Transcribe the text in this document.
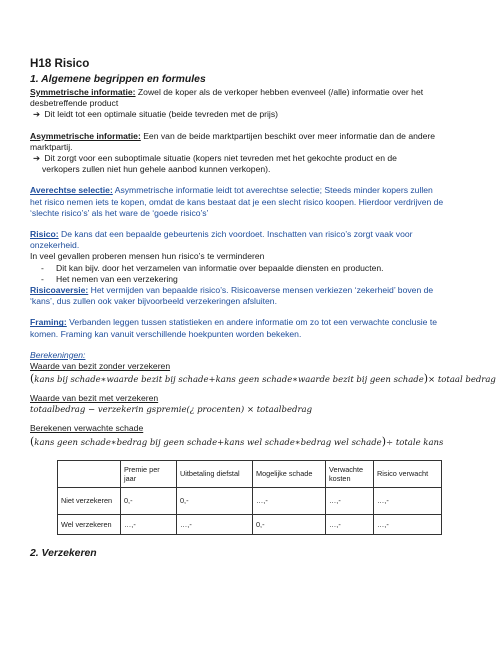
H18 Risico
1. Algemene begrippen en formules

Symmetrische informatie: Zowel de koper als de verkoper hebben evenveel (/alle) informatie over het desbetreffende product

➔ Dit leidt tot een optimale situatie (beide tevreden met de prijs)

Asymmetrische informatie: Een van de beide marktpartijen beschikt over meer informatie dan de andere marktpartij.

➔ Dit zorgt voor een suboptimale situatie (kopers niet tevreden met het gekochte product en de verkopers zullen niet hun gehele aanbod kunnen verkopen).

Averechtse selectie: Asymmetrische informatie leidt tot averechtse selectie; Steeds minder kopers zullen het risico nemen iets te kopen, omdat de kans bestaat dat je een slecht risico koopen. Hierdoor verdrijven de ‘slechte risico’s’ als het ware de ‘goede risico’s’

Risico: De kans dat een bepaalde gebeurtenis zich voordoet. Inschatten van risico’s zorgt vaak voor onzekerheid.

In veel gevallen proberen mensen hun risico’s te verminderen

- Dit kan bijv. door het verzamelen van informatie over bepaalde diensten en producten.
- Het nemen van een verzekering

Risicoaversie: Het vermijden van bepaalde risico’s. Risicoaverse mensen verkiezen ‘zekerheid’ boven de ‘kans’, dus zullen ook vaker bijvoorbeeld verzekeringen afsluiten.

Framing: Verbanden leggen tussen statistieken en andere informatie om zo tot een verwachte conclusie te komen. Framing kan vanuit verschillende hoekpunten worden bekeken.

Berekeningen:

Waarde van bezit zonder verzekeren

(kans bij schade∗waarde bezit bij schade+kans geen schade∗waarde bezit bij geen schade)× totaal bedrag

Waarde van bezit met verzekeren

totaalbedrag − verzekerin gspremie(¿ procenten) × totaalbedrag

Berekenen verwachte schade

(kans geen schade∗bedrag bij geen schade+kans wel schade∗bedrag wel schade)÷ totale kans

	Premie per jaar	Uitbetaling diefstal	Mogelijke schade	Verwachte kosten	Risico verwacht
Niet verzekeren	0,-	0,-	…,-	…,-	…,-
Wel verzekeren	…,-	…,-	0,-	…,-	…,-
2. Verzekeren
